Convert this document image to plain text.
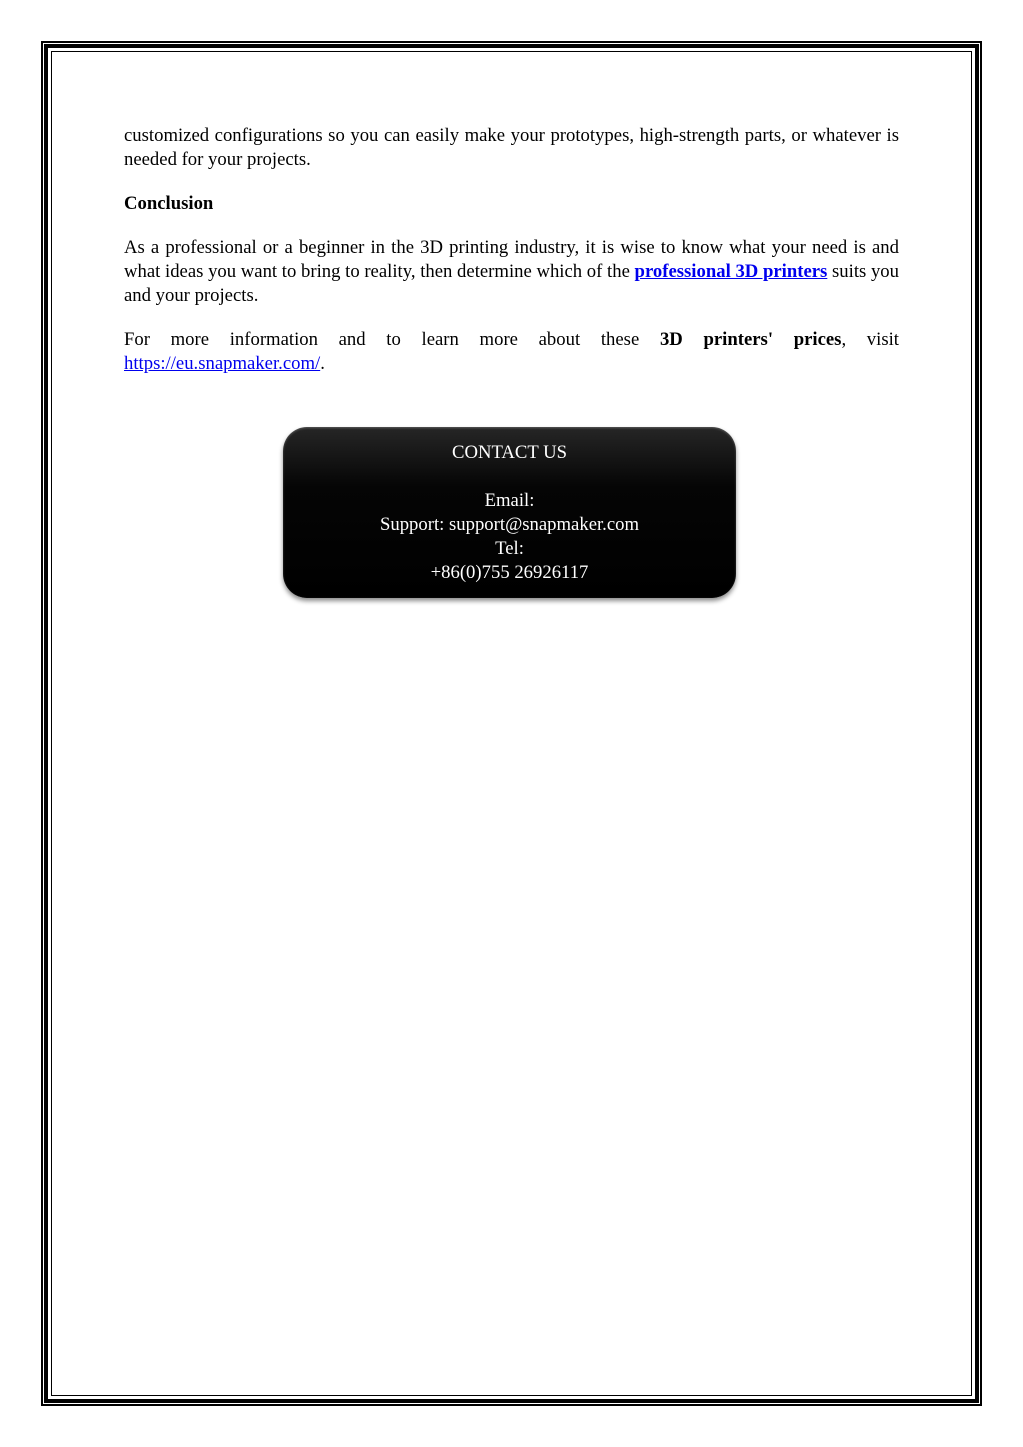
customized configurations so you can easily make your prototypes, high-strength parts, or whatever is needed for your projects.

Conclusion

As a professional or a beginner in the 3D printing industry, it is wise to know what your need is and what ideas you want to bring to reality, then determine which of the professional 3D printers suits you and your projects.

For more information and to learn more about these 3D printers' prices, visit https://eu.snapmaker.com/.

CONTACT US
Email:
Support: support@snapmaker.com
Tel:
+86(0)755 26926117
